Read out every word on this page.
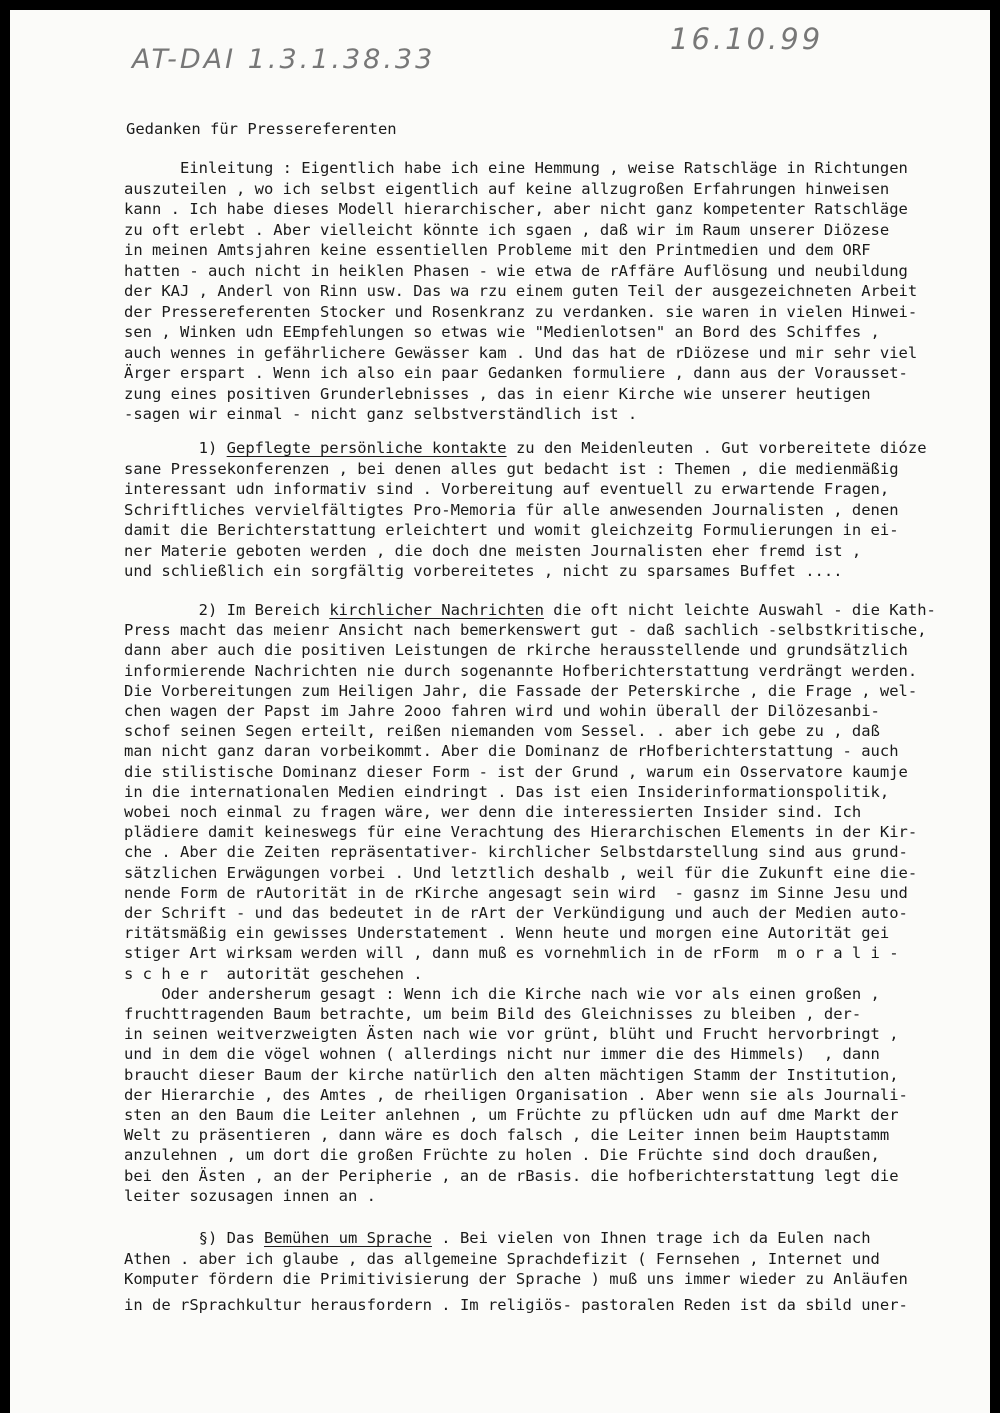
AT-DAI 1.3.1.38.33
16.10.99
Gedanken für Pressereferenten
Einleitung : Eigentlich habe ich eine Hemmung , weise Ratschläge in Richtungen
auszuteilen , wo ich selbst eigentlich auf keine allzugroßen Erfahrungen hinweisen
kann . Ich habe dieses Modell hierarchischer, aber nicht ganz kompetenter Ratschläge
zu oft erlebt . Aber vielleicht könnte ich sgaen , daß wir im Raum unserer Diözese
in meinen Amtsjahren keine essentiellen Probleme mit den Printmedien und dem ORF
hatten - auch nicht in heiklen Phasen - wie etwa de rAffäre Auflösung und neubildung
der KAJ , Anderl von Rinn usw. Das wa rzu einem guten Teil der ausgezeichneten Arbeit
der Pressereferenten Stocker und Rosenkranz zu verdanken. sie waren in vielen Hinwei-
sen , Winken udn EEmpfehlungen so etwas wie "Medienlotsen" an Bord des Schiffes ,
auch wennes in gefährlichere Gewässer kam . Und das hat de rDiözese und mir sehr viel
Ärger erspart . Wenn ich also ein paar Gedanken formuliere , dann aus der Vorausset-
zung eines positiven Grunderlebnisses , das in eienr Kirche wie unserer heutigen
-sagen wir einmal - nicht ganz selbstverständlich ist .
1) Gepflegte persönliche kontakte zu den Meidenleuten . Gut vorbereitete dióze
sane Pressekonferenzen , bei denen alles gut bedacht ist : Themen , die medienmäßig
interessant udn informativ sind . Vorbereitung auf eventuell zu erwartende Fragen,
Schriftliches vervielfältigtes Pro-Memoria für alle anwesenden Journalisten , denen
damit die Berichterstattung erleichtert und womit gleichzeitg Formulierungen in ei-
ner Materie geboten werden , die doch dne meisten Journalisten eher fremd ist ,
und schließlich ein sorgfältig vorbereitetes , nicht zu sparsames Buffet ....
2) Im Bereich kirchlicher Nachrichten die oft nicht leichte Auswahl - die Kath-
Press macht das meienr Ansicht nach bemerkenswert gut - daß sachlich -selbstkritische,
dann aber auch die positiven Leistungen de rkirche herausstellende und grundsätzlich
informierende Nachrichten nie durch sogenannte Hofberichterstattung verdrängt werden.
Die Vorbereitungen zum Heiligen Jahr, die Fassade der Peterskirche , die Frage , wel-
chen wagen der Papst im Jahre 2ooo fahren wird und wohin überall der Dilözesanbi-
schof seinen Segen erteilt, reißen niemanden vom Sessel. . aber ich gebe zu , daß
man nicht ganz daran vorbeikommt. Aber die Dominanz de rHofberichterstattung - auch
die stilistische Dominanz dieser Form - ist der Grund , warum ein Osservatore kaumje
in die internationalen Medien eindringt . Das ist eien Insiderinformationspolitik,
wobei noch einmal zu fragen wäre, wer denn die interessierten Insider sind. Ich
plädiere damit keineswegs für eine Verachtung des Hierarchischen Elements in der Kir-
che . Aber die Zeiten repräsentativer- kirchlicher Selbstdarstellung sind aus grund-
sätzlichen Erwägungen vorbei . Und letztlich deshalb , weil für die Zukunft eine die-
nende Form de rAutorität in de rKirche angesagt sein wird  - gasnz im Sinne Jesu und
der Schrift - und das bedeutet in de rArt der Verkündigung und auch der Medien auto-
ritätsmäßig ein gewisses Understatement . Wenn heute und morgen eine Autorität gei
stiger Art wirksam werden will , dann muß es vornehmlich in de rForm  m o r a l i -
s c h e r  autorität geschehen .
Oder andersherum gesagt : Wenn ich die Kirche nach wie vor als einen großen ,
fruchttragenden Baum betrachte, um beim Bild des Gleichnisses zu bleiben , der-
in seinen weitverzweigten Ästen nach wie vor grünt, blüht und Frucht hervorbringt ,
und in dem die vögel wohnen ( allerdings nicht nur immer die des Himmels)  , dann
braucht dieser Baum der kirche natürlich den alten mächtigen Stamm der Institution,
der Hierarchie , des Amtes , de rheiligen Organisation . Aber wenn sie als Journali-
sten an den Baum die Leiter anlehnen , um Früchte zu pflücken udn auf dme Markt der
Welt zu präsentieren , dann wäre es doch falsch , die Leiter innen beim Hauptstamm
anzulehnen , um dort die großen Früchte zu holen . Die Früchte sind doch draußen,
bei den Ästen , an der Peripherie , an de rBasis. die hofberichterstattung legt die
leiter sozusagen innen an .
§) Das Bemühen um Sprache . Bei vielen von Ihnen trage ich da Eulen nach
Athen . aber ich glaube , das allgemeine Sprachdefizit ( Fernsehen , Internet und
Komputer fördern die Primitivisierung der Sprache ) muß uns immer wieder zu Anläufen
in de rSprachkultur herausfordern . Im religiös- pastoralen Reden ist da sbild uner-
